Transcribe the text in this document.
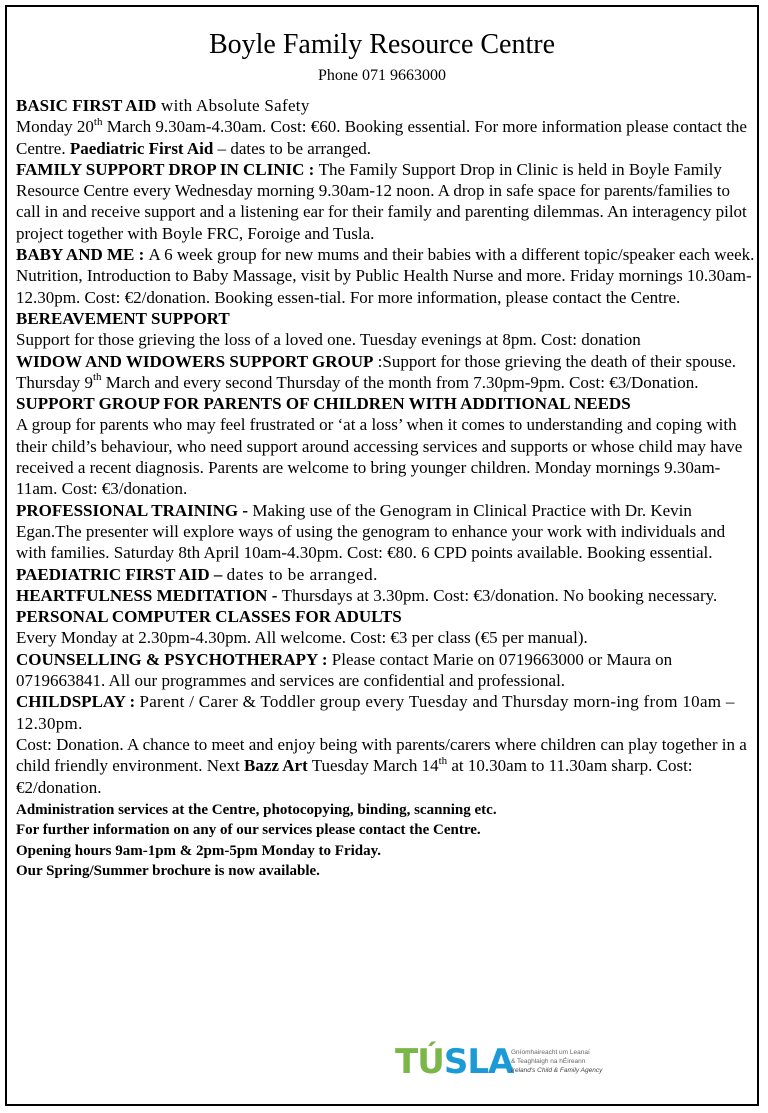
Boyle Family Resource Centre
Phone 071 9663000

BASIC FIRST AID with Absolute Safety
Monday 20th March 9.30am-4.30am. Cost: €60. Booking essential. For more information please contact the Centre. Paediatric First Aid – dates to be arranged.

FAMILY SUPPORT DROP IN CLINIC : The Family Support Drop in Clinic is held in Boyle Family Resource Centre every Wednesday morning 9.30am-12 noon. A drop in safe space for parents/families to call in and receive support and a listening ear for their family and parenting dilemmas. An interagency pilot project together with Boyle FRC, Foroige and Tusla.

BABY AND ME : A 6 week group for new mums and their babies with a different topic/speaker each week. Nutrition, Introduction to Baby Massage, visit by Public Health Nurse and more. Friday mornings 10.30am-12.30pm. Cost: €2/donation. Booking essen-tial. For more information, please contact the Centre.

BEREAVEMENT SUPPORT
Support for those grieving the loss of a loved one. Tuesday evenings at 8pm. Cost: donation

WIDOW AND WIDOWERS SUPPORT GROUP :Support for those grieving the death of their spouse. Thursday 9th March and every second Thursday of the month from 7.30pm-9pm. Cost: €3/Donation.

SUPPORT GROUP FOR PARENTS OF CHILDREN WITH ADDITIONAL NEEDS
A group for parents who may feel frustrated or ‘at a loss’ when it comes to understanding and coping with their child’s behaviour, who need support around accessing services and supports or whose child may have received a recent diagnosis. Parents are welcome to bring younger children. Monday mornings 9.30am-11am. Cost: €3/donation.

PROFESSIONAL TRAINING - Making use of the Genogram in Clinical Practice with Dr. Kevin Egan.The presenter will explore ways of using the genogram to enhance your work with individuals and with families. Saturday 8th April 10am-4.30pm. Cost: €80. 6 CPD points available. Booking essential.

PAEDIATRIC FIRST AID – dates to be arranged.

HEARTFULNESS MEDITATION - Thursdays at 3.30pm. Cost: €3/donation. No booking necessary.

PERSONAL COMPUTER CLASSES FOR ADULTS
Every Monday at 2.30pm-4.30pm. All welcome. Cost: €3 per class (€5 per manual).

COUNSELLING & PSYCHOTHERAPY : Please contact Marie on 0719663000 or Maura on 0719663841. All our programmes and services are confidential and professional.

CHILDSPLAY : Parent / Carer & Toddler group every Tuesday and Thursday morn-ing from 10am – 12.30pm.

Cost: Donation. A chance to meet and enjoy being with parents/carers where children can play together in a child friendly environment. Next Bazz Art Tuesday March 14th at 10.30am to 11.30am sharp. Cost: €2/donation.

Administration services at the Centre, photocopying, binding, scanning etc.
For further information on any of our services please contact the Centre.
Opening hours 9am-1pm & 2pm-5pm Monday to Friday.
Our Spring/Summer brochure is now available.
TÚSLA
Gníomhaireacht um Leanaí
& Teaghlaigh na hÉireann
Ireland's Child & Family Agency
